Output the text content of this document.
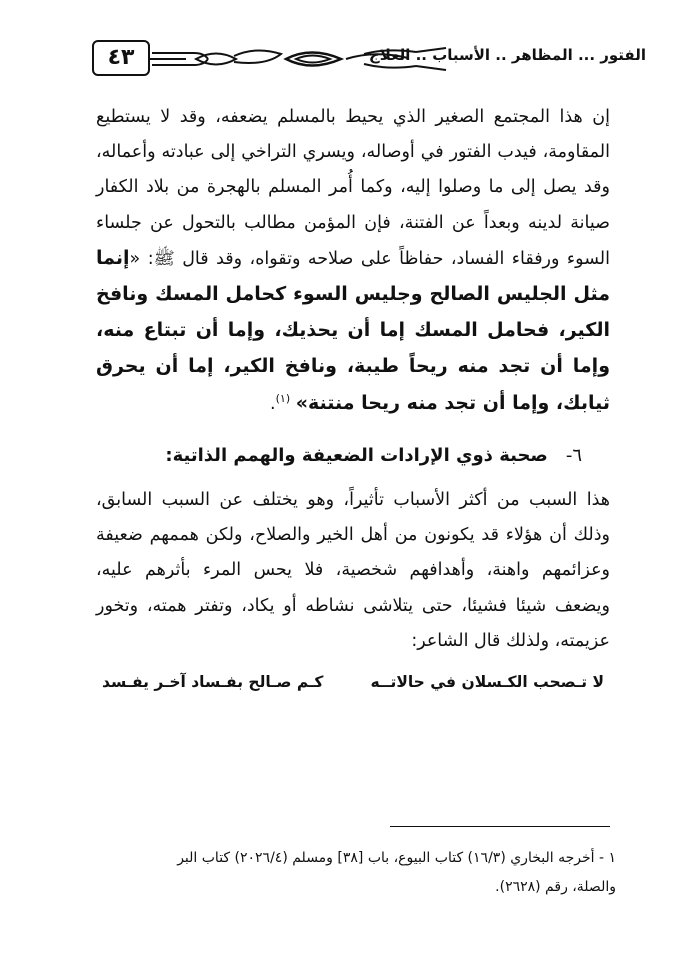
٤٣	الفتور ... المظاهر .. الأسباب .. العلاج

إن هذا المجتمع الصغير الذي يحيط بالمسلم يضعفه، وقد لا يستطيع المقاومة، فيدب الفتور في أوصاله، ويسري التراخي إلى عبادته وأعماله، وقد يصل إلى ما وصلوا إليه، وكما أُمر المسلم بالهجرة من بلاد الكفار صيانة لدينه وبعداً عن الفتنة، فإن المؤمن مطالب بالتحول عن جلساء السوء ورفقاء الفساد، حفاظاً على صلاحه وتقواه، وقد قال ﷺ: «إنما مثل الجليس الصالح وجليس السوء كحامل المسك ونافخ الكير، فحامل المسك إما أن يحذيك، وإما أن تبتاع منه، وإما أن تجد منه ريحاً طيبة، ونافخ الكير، إما أن يحرق ثيابك، وإما أن تجد منه ريحا منتنة» $^{(١)}$.

٦-صحبة ذوي الإرادات الضعيفة والهمم الذاتية:

هذا السبب من أكثر الأسباب تأثيراً، وهو يختلف عن السبب السابق، وذلك أن هؤلاء قد يكونون من أهل الخير والصلاح، ولكن هممهم ضعيفة وعزائمهم واهنة، وأهدافهم شخصية، فلا يحس المرء بأثرهم عليه، ويضعف شيئا فشيئا، حتى يتلاشى نشاطه أو يكاد، وتفتر همته، وتخور عزيمته، ولذلك قال الشاعر:

لا تـصحب الكـسلان في حالاتــه
كـم صـالح بفـساد آخـر يفـسد

١ - أخرجه البخاري (١٦/٣) كتاب البيوع، باب [٣٨] ومسلم (٢٠٢٦/٤) كتاب البر

والصلة، رقم (٢٦٢٨).
